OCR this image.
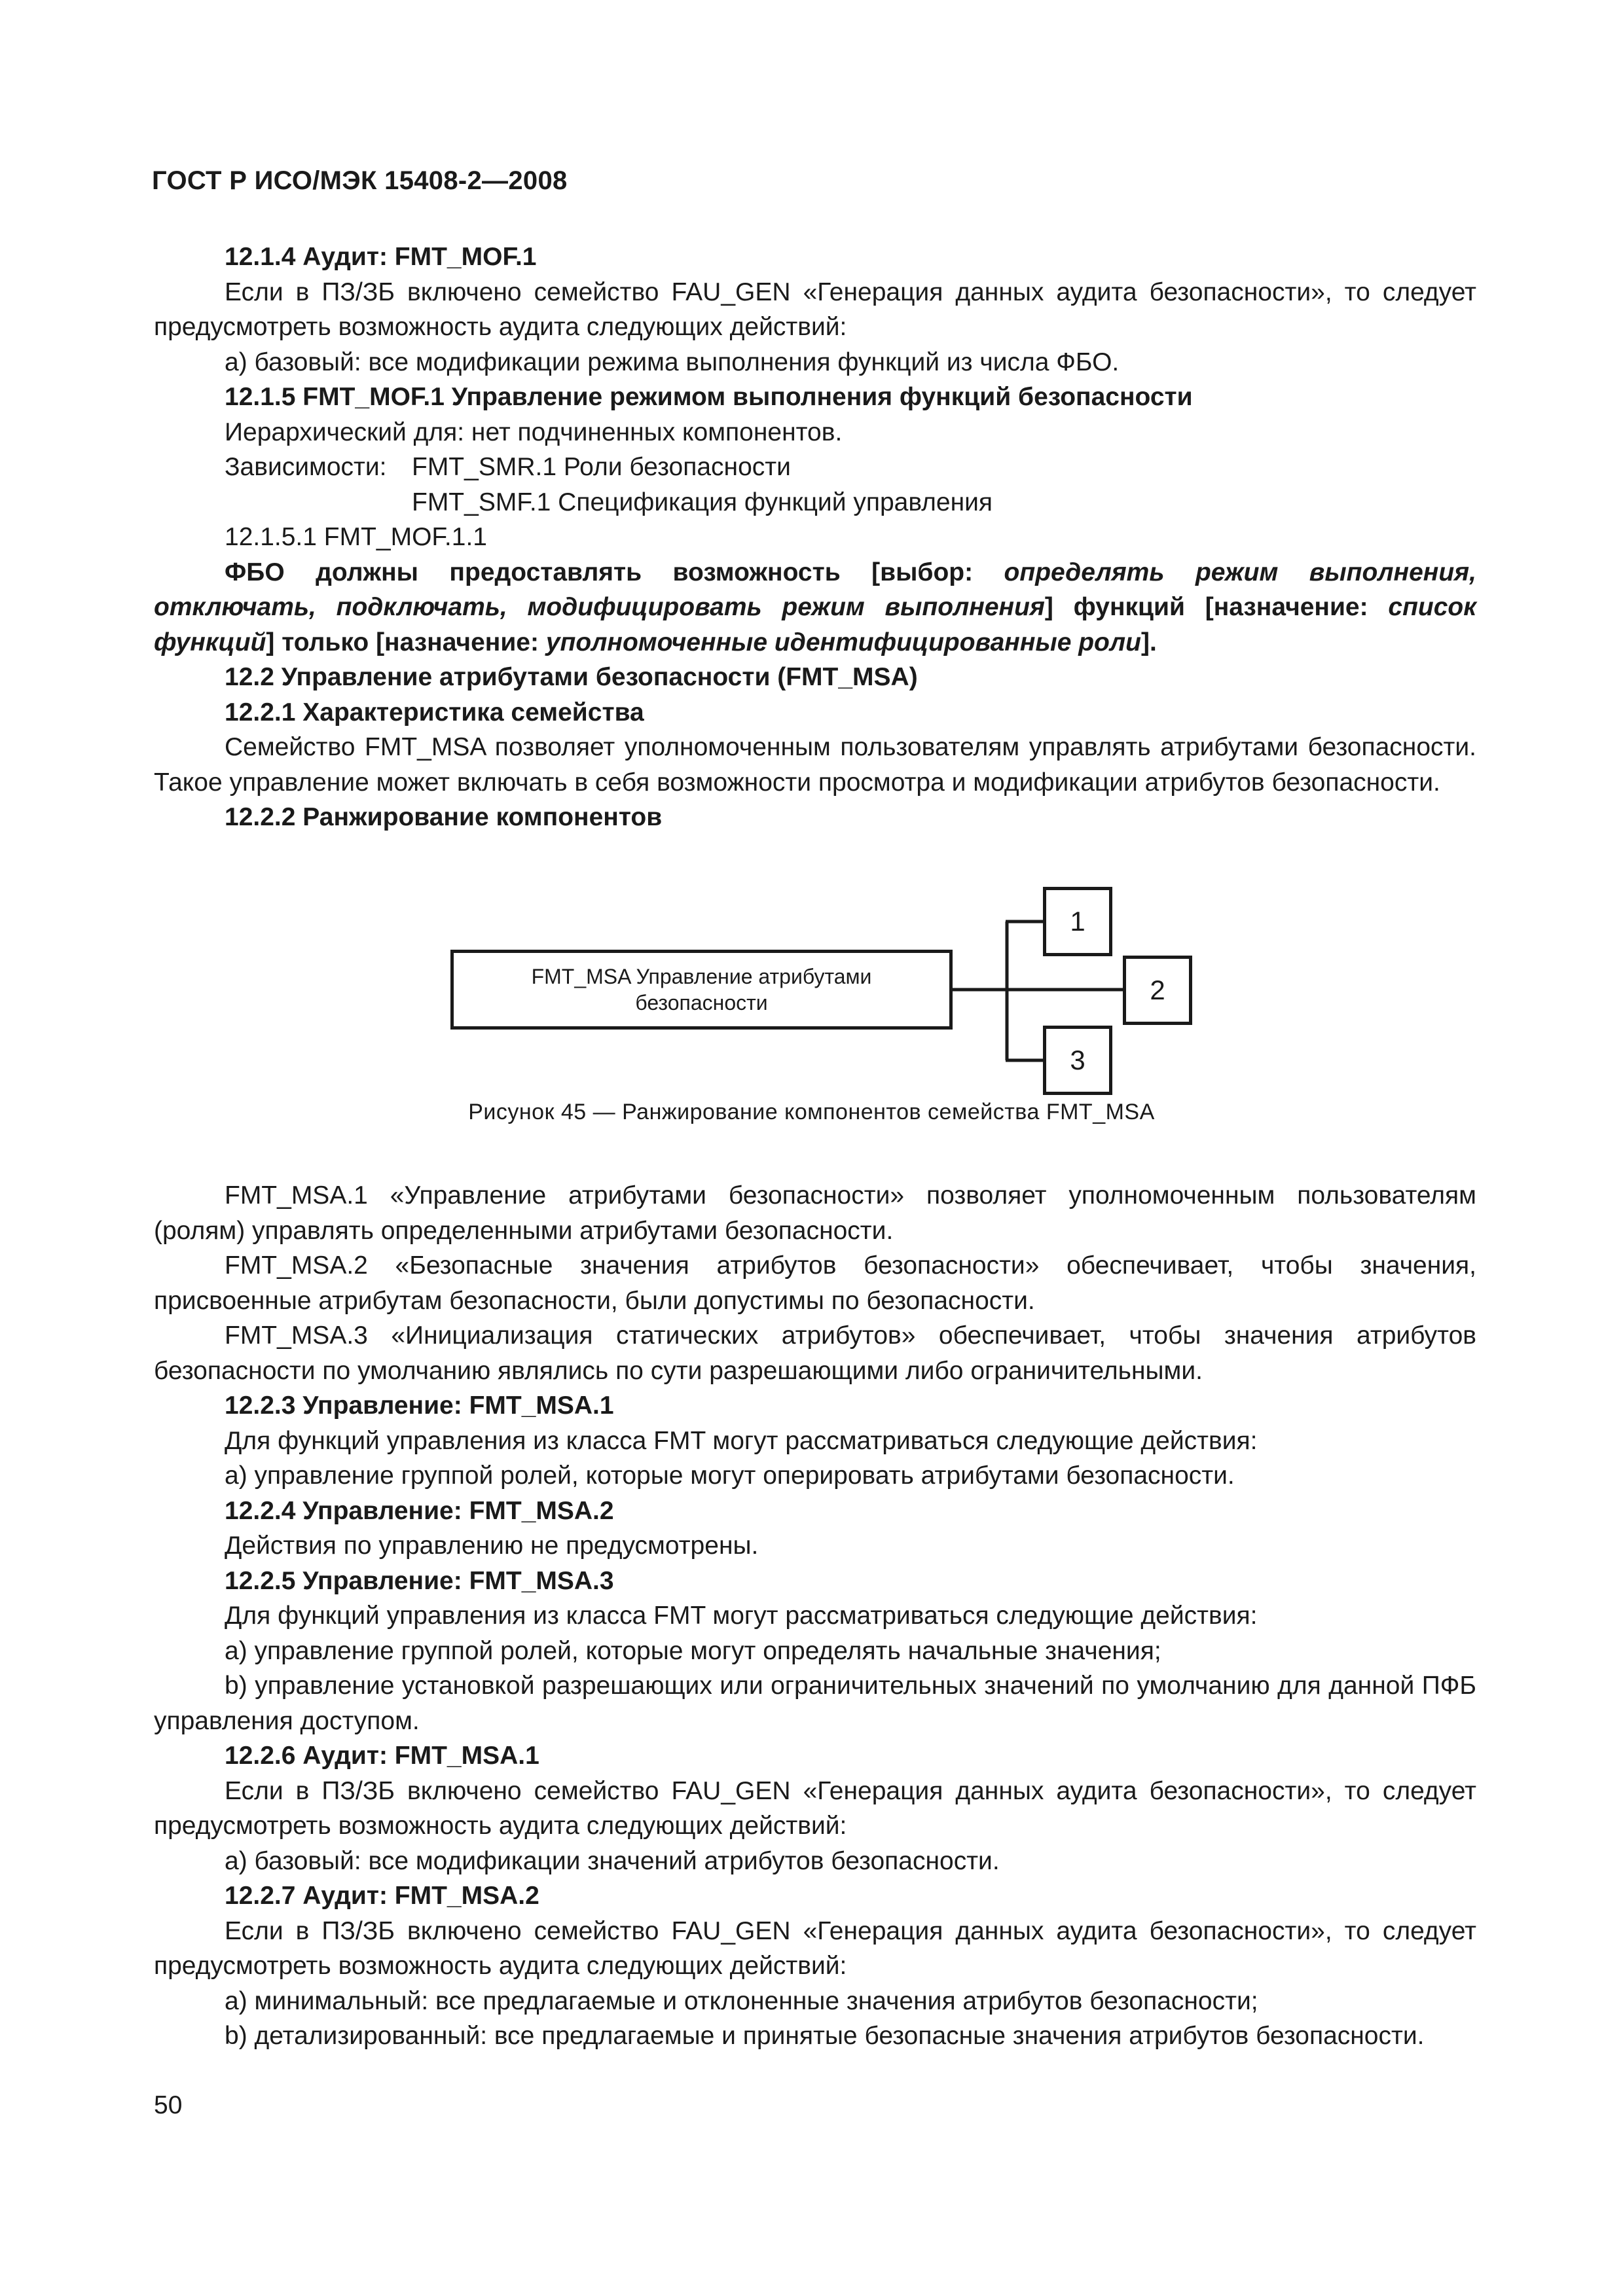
ГОСТ Р ИСО/МЭК 15408-2—2008

12.1.4 Аудит: FMT_MOF.1

Если в ПЗ/ЗБ включено семейство FAU_GEN «Генерация данных аудита безопасности», то следует предусмотреть возможность аудита следующих действий:

a) базовый: все модификации режима выполнения функций из числа ФБО.

12.1.5 FMT_MOF.1 Управление режимом выполнения функций безопасности

Иерархический для: нет подчиненных компонентов.

Зависимости: FMT_SMR.1 Роли безопасности

FMT_SMF.1 Спецификация функций управления

12.1.5.1 FMT_MOF.1.1

ФБО должны предоставлять возможность [выбор: определять режим выполнения, отключать, подключать, модифицировать режим выполнения] функций [назначение: список функций] только [назначение: уполномоченные идентифицированные роли].

12.2 Управление атрибутами безопасности (FMT_MSA)

12.2.1 Характеристика семейства

Семейство FMT_MSA позволяет уполномоченным пользователям управлять атрибутами безопасности. Такое управление может включать в себя возможности просмотра и модификации атрибутов безопасности.

12.2.2 Ранжирование компонентов

FMT_MSA Управление атрибутами
безопасности
1
2
3
Рисунок 45 — Ранжирование компонентов семейства FMT_MSA

FMT_MSA.1 «Управление атрибутами безопасности» позволяет уполномоченным пользователям (ролям) управлять определенными атрибутами безопасности.

FMT_MSA.2 «Безопасные значения атрибутов безопасности» обеспечивает, чтобы значения, присвоенные атрибутам безопасности, были допустимы по безопасности.

FMT_MSA.3 «Инициализация статических атрибутов» обеспечивает, чтобы значения атрибутов безопасности по умолчанию являлись по сути разрешающими либо ограничительными.

12.2.3 Управление: FMT_MSA.1

Для функций управления из класса FMT могут рассматриваться следующие действия:

a) управление группой ролей, которые могут оперировать атрибутами безопасности.

12.2.4 Управление: FMT_MSA.2

Действия по управлению не предусмотрены.

12.2.5 Управление: FMT_MSA.3

Для функций управления из класса FMT могут рассматриваться следующие действия:

a) управление группой ролей, которые могут определять начальные значения;

b) управление установкой разрешающих или ограничительных значений по умолчанию для данной ПФБ управления доступом.

12.2.6 Аудит: FMT_MSA.1

Если в ПЗ/ЗБ включено семейство FAU_GEN «Генерация данных аудита безопасности», то следует предусмотреть возможность аудита следующих действий:

a) базовый: все модификации значений атрибутов безопасности.

12.2.7 Аудит: FMT_MSA.2

Если в ПЗ/ЗБ включено семейство FAU_GEN «Генерация данных аудита безопасности», то следует предусмотреть возможность аудита следующих действий:

a) минимальный: все предлагаемые и отклоненные значения атрибутов безопасности;

b) детализированный: все предлагаемые и принятые безопасные значения атрибутов безопасности.

50
